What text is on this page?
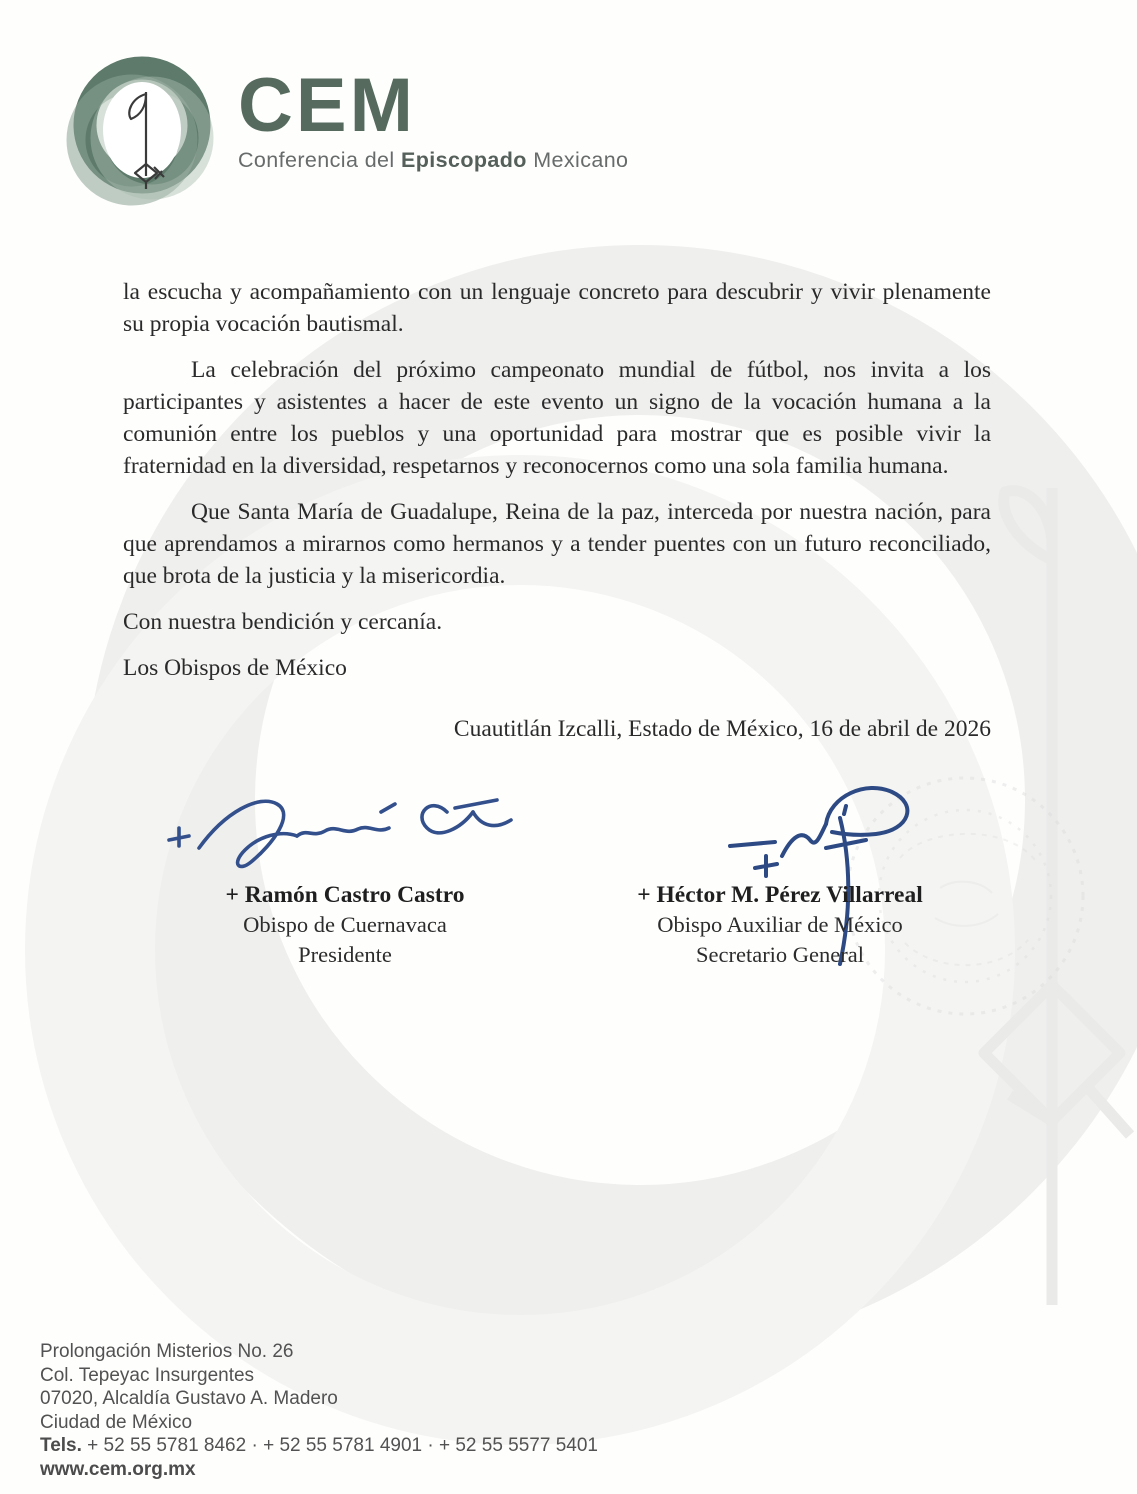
CEM
Conferencia del Episcopado Mexicano

la escucha y acompañamiento con un lenguaje concreto para descubrir y vivir plenamente su propia vocación bautismal.

La celebración del próximo campeonato mundial de fútbol, nos invita a los participantes y asistentes a hacer de este evento un signo de la vocación humana a la comunión entre los pueblos y una oportunidad para mostrar que es posible vivir la fraternidad en la diversidad, respetarnos y reconocernos como una sola familia humana.

Que Santa María de Guadalupe, Reina de la paz, interceda por nuestra nación, para que aprendamos a mirarnos como hermanos y a tender puentes con un futuro reconciliado, que brota de la justicia y la misericordia.

Con nuestra bendición y cercanía.

Los Obispos de México

Cuautitlán Izcalli, Estado de México, 16 de abril de 2026
+ Ramón Castro Castro
Obispo de Cuernavaca
Presidente
+ Héctor M. Pérez Villarreal
Obispo Auxiliar de México
Secretario General
Prolongación Misterios No. 26
Col. Tepeyac Insurgentes
07020, Alcaldía Gustavo A. Madero
Ciudad de México
Tels. + 52 55 5781 8462 · + 52 55 5781 4901 · + 52 55 5577 5401
www.cem.org.mx
